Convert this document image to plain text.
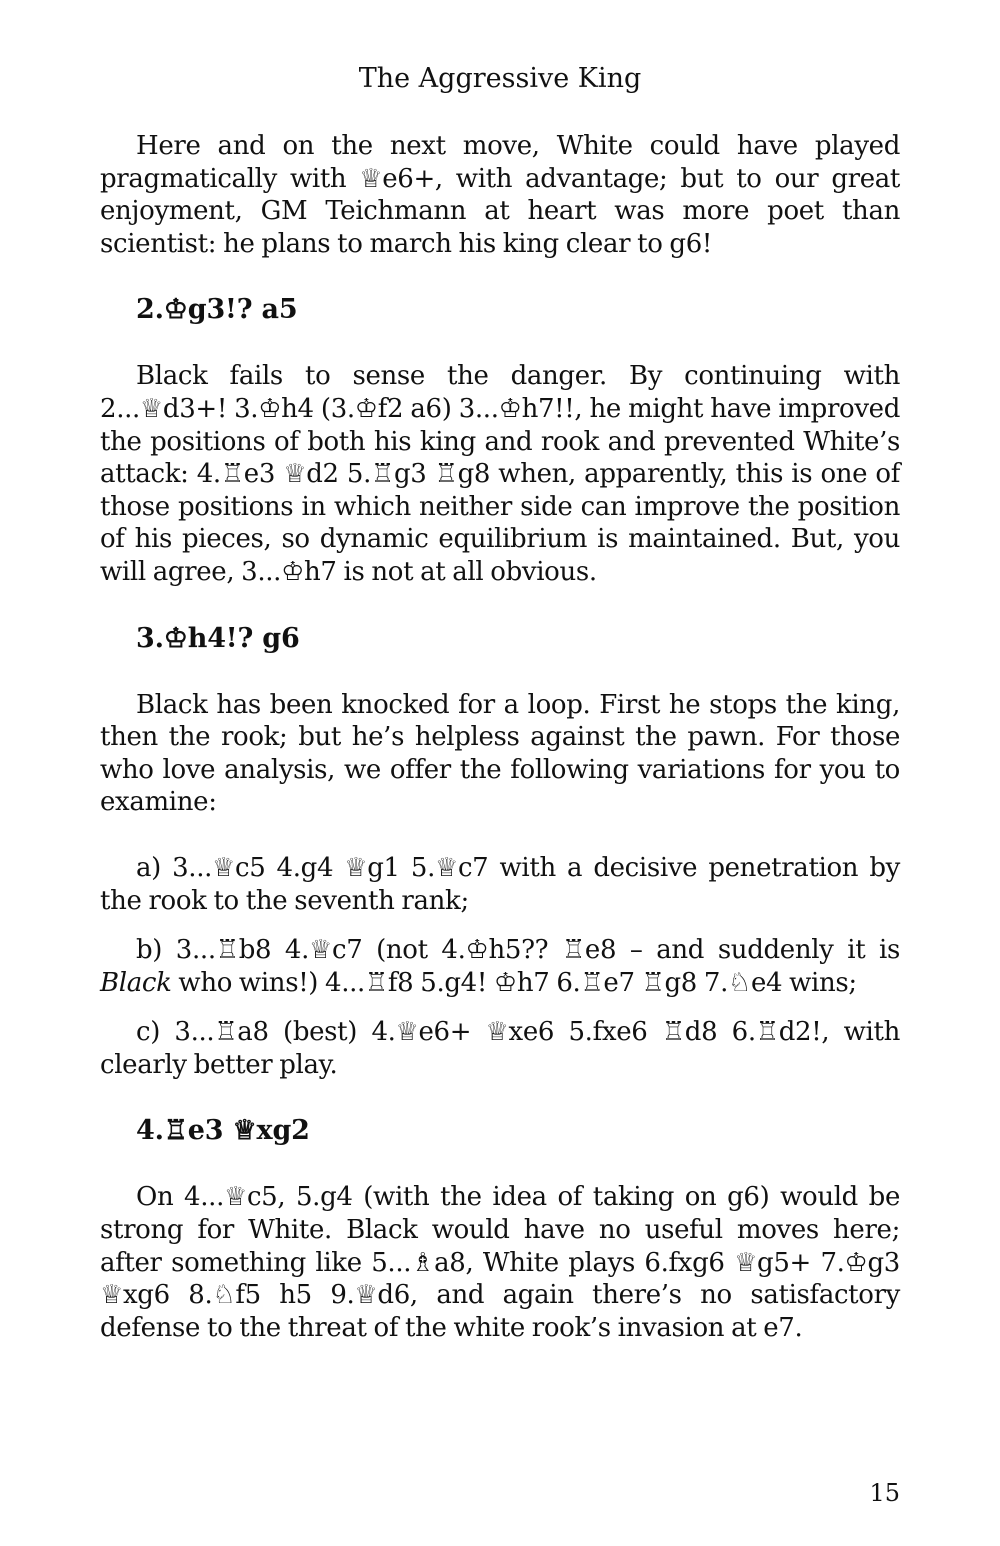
The Aggressive King

Here and on the next move, White could have played pragmatically with ♕e6+, with advantage; but to our great enjoyment, GM Teichmann at heart was more poet than scientist: he plans to march his king clear to g6!

2.♔g3!? a5

Black fails to sense the danger. By continuing with 2...♕d3+! 3.♔h4 (3.♔f2 a6) 3...♔h7!!, he might have improved the positions of both his king and rook and prevented White’s attack: 4.♖e3 ♕d2 5.♖g3 ♖g8 when, apparently, this is one of those positions in which neither side can improve the position of his pieces, so dynamic equilibrium is maintained. But, you will agree, 3...♔h7 is not at all obvious.

3.♔h4!? g6

Black has been knocked for a loop. First he stops the king, then the rook; but he’s helpless against the pawn. For those who love analysis, we offer the following variations for you to examine:

a) 3...♕c5 4.g4 ♕g1 5.♕c7 with a decisive penetration by the rook to the seventh rank;

b) 3...♖b8 4.♕c7 (not 4.♔h5?? ♖e8 – and suddenly it is Black who wins!) 4...♖f8 5.g4! ♔h7 6.♖e7 ♖g8 7.♘e4 wins;

c) 3...♖a8 (best) 4.♕e6+ ♕xe6 5.fxe6 ♖d8 6.♖d2!, with clearly better play.

4.♖e3 ♕xg2

On 4...♕c5, 5.g4 (with the idea of taking on g6) would be strong for White. Black would have no useful moves here; after something like 5...♗a8, White plays 6.fxg6 ♕g5+ 7.♔g3 ♕xg6 8.♘f5 h5 9.♕d6, and again there’s no satisfactory defense to the threat of the white rook’s invasion at e7.

15
